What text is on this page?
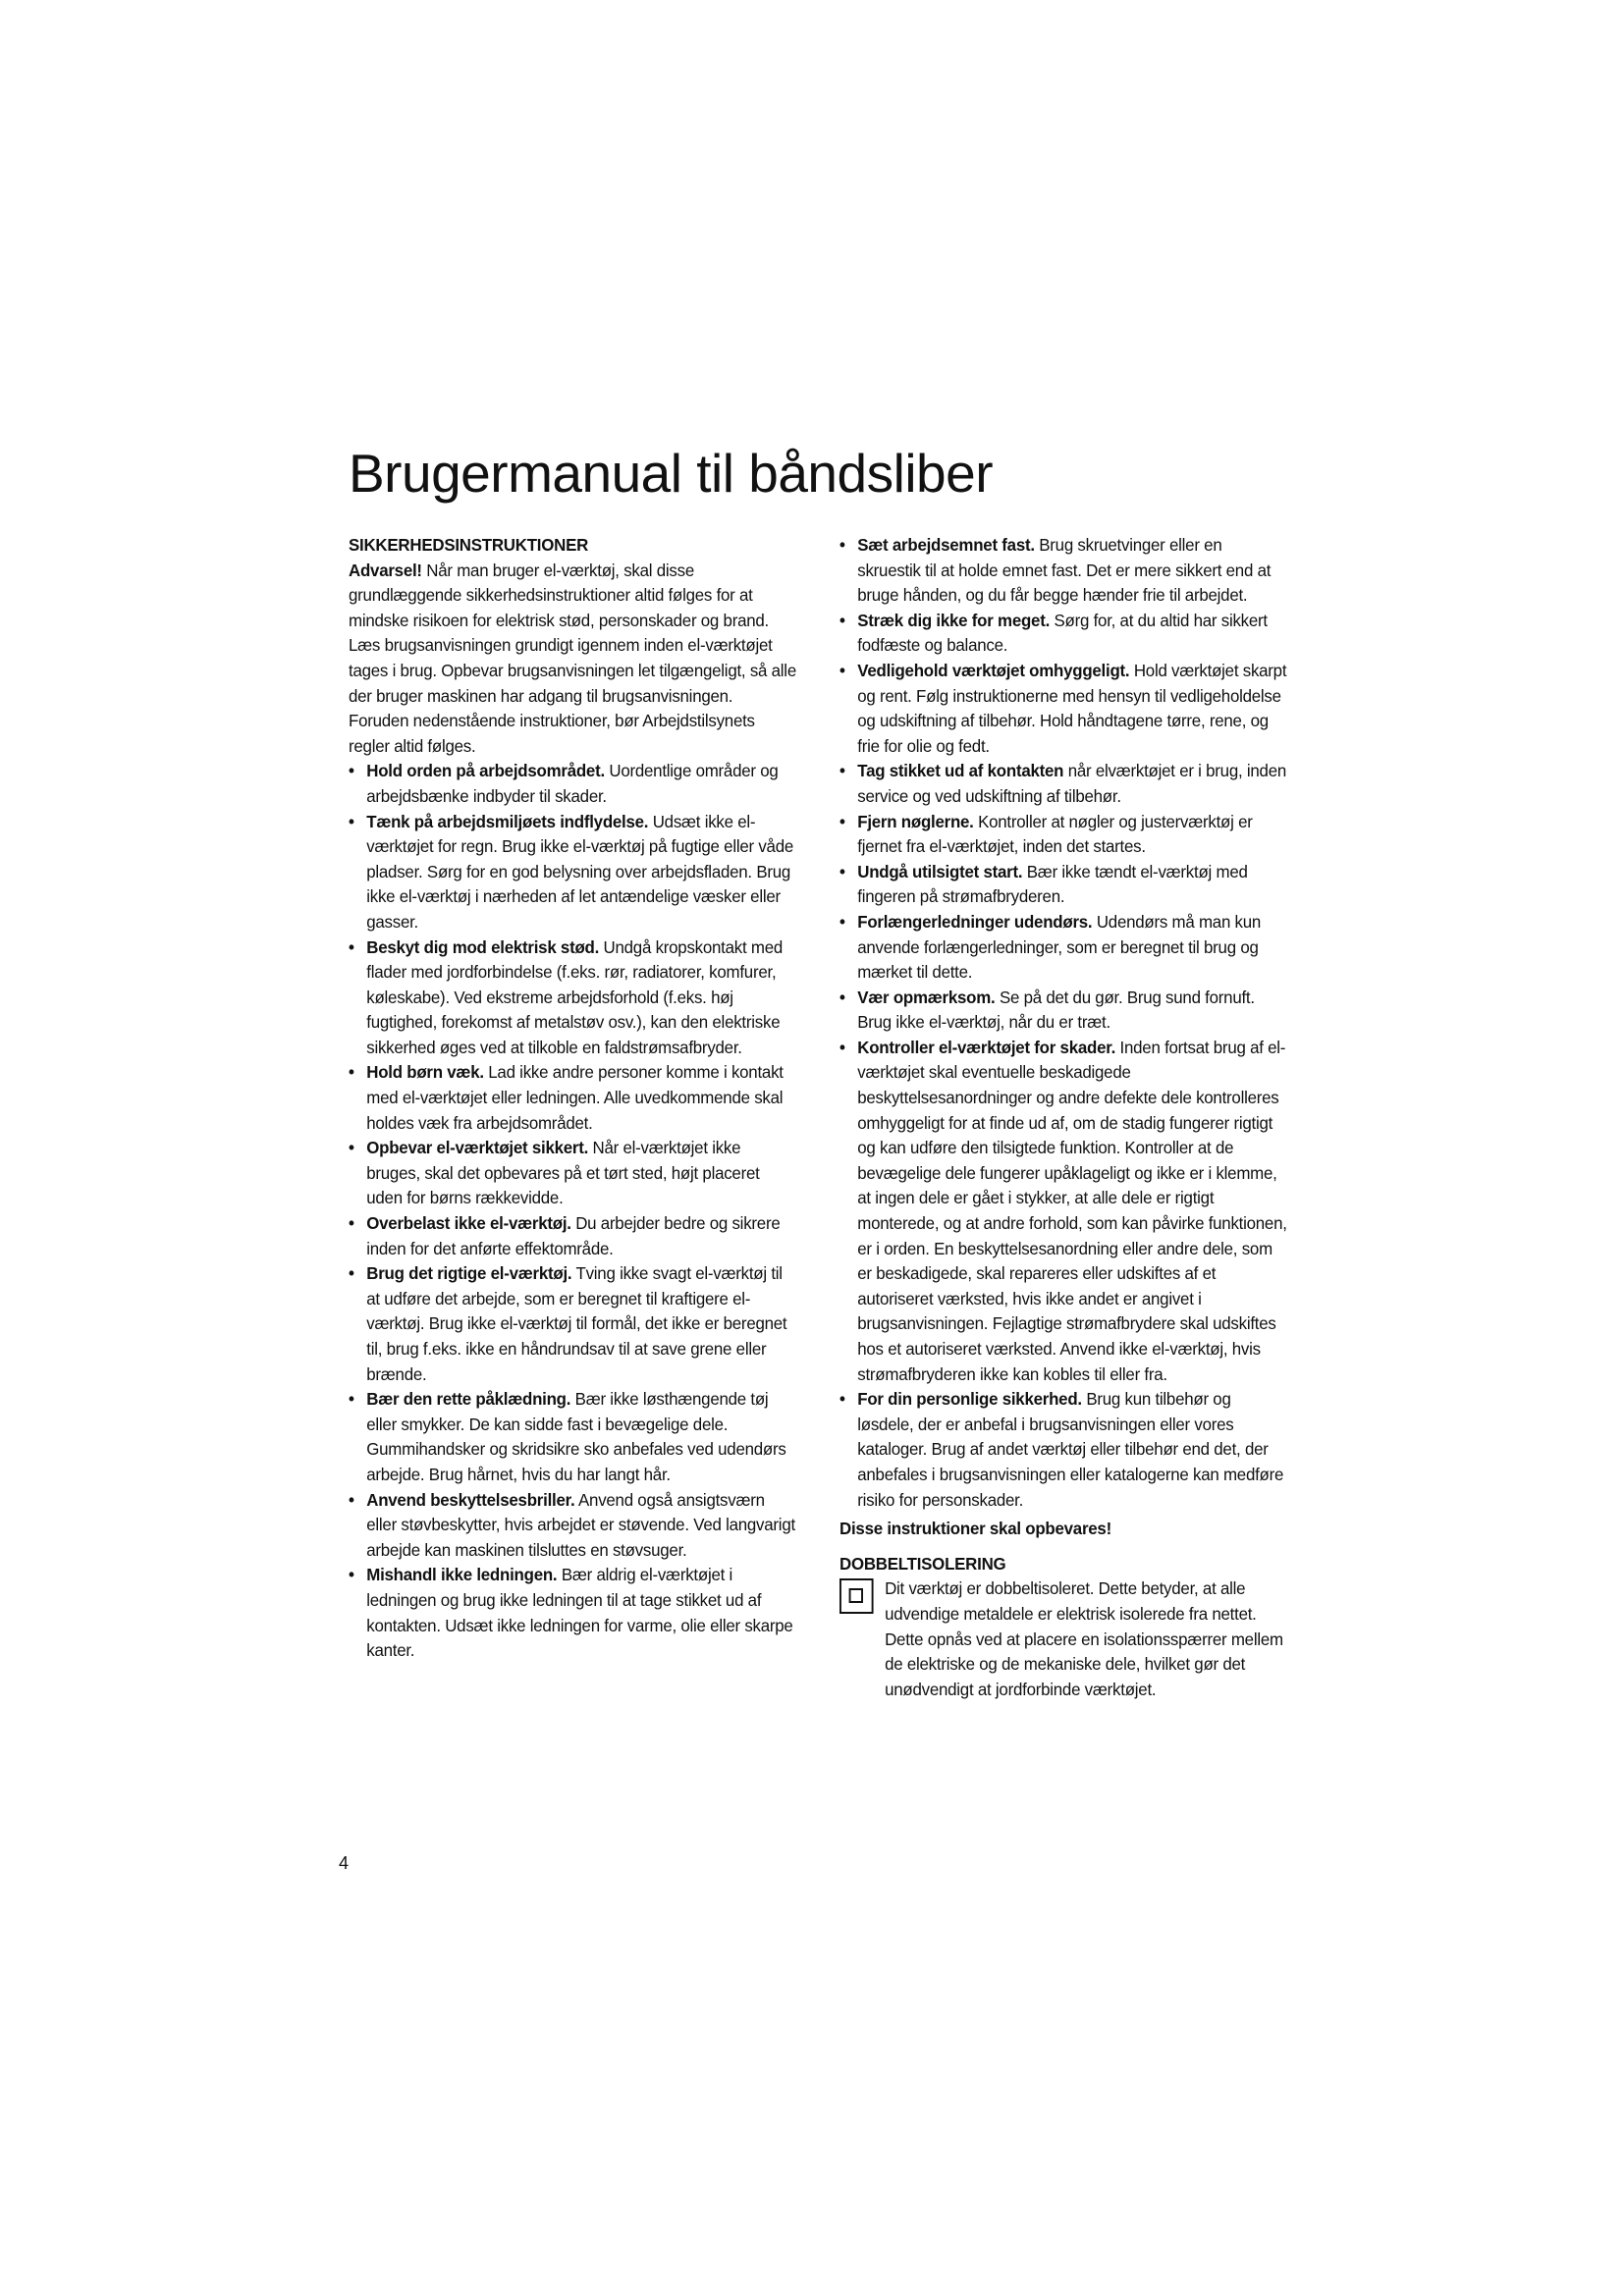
Brugermanual til båndsliber

SIKKERHEDSINSTRUKTIONER

Advarsel! Når man bruger el-værktøj, skal disse grundlæggende sikkerhedsinstruktioner altid følges for at mindske risikoen for elektrisk stød, personskader og brand. Læs brugsanvisningen grundigt igennem inden el-værktøjet tages i brug. Opbevar brugsanvisningen let tilgængeligt, så alle der bruger maskinen har adgang til brugsanvisningen. Foruden nedenstående instruktioner, bør Arbejdstilsynets regler altid følges.

• Hold orden på arbejdsområdet. Uordentlige områder og arbejdsbænke indbyder til skader.
• Tænk på arbejdsmiljøets indflydelse. Udsæt ikke el-værktøjet for regn. Brug ikke el-værktøj på fugtige eller våde pladser. Sørg for en god belysning over arbejdsfladen. Brug ikke el-værktøj i nærheden af let antændelige væsker eller gasser.
• Beskyt dig mod elektrisk stød. Undgå kropskontakt med flader med jordforbindelse (f.eks. rør, radiatorer, komfurer, køleskabe). Ved ekstreme arbejdsforhold (f.eks. høj fugtighed, forekomst af metalstøv osv.), kan den elektriske sikkerhed øges ved at tilkoble en faldstrømsafbryder.
• Hold børn væk. Lad ikke andre personer komme i kontakt med el-værktøjet eller ledningen. Alle uvedkommende skal holdes væk fra arbejdsområdet.
• Opbevar el-værktøjet sikkert. Når el-værktøjet ikke bruges, skal det opbevares på et tørt sted, højt placeret uden for børns rækkevidde.
• Overbelast ikke el-værktøj. Du arbejder bedre og sikrere inden for det anførte effektområde.
• Brug det rigtige el-værktøj. Tving ikke svagt el-værktøj til at udføre det arbejde, som er beregnet til kraftigere el-værktøj. Brug ikke el-værktøj til formål, det ikke er beregnet til, brug f.eks. ikke en håndrundsav til at save grene eller brænde.
• Bær den rette påklædning. Bær ikke løsthængende tøj eller smykker. De kan sidde fast i bevægelige dele. Gummihandsker og skridsikre sko anbefales ved udendørs arbejde. Brug hårnet, hvis du har langt hår.
• Anvend beskyttelsesbriller. Anvend også ansigtsværn eller støvbeskytter, hvis arbejdet er støvende. Ved langvarigt arbejde kan maskinen tilsluttes en støvsuger.
• Mishandl ikke ledningen. Bær aldrig el-værktøjet i ledningen og brug ikke ledningen til at tage stikket ud af kontakten. Udsæt ikke ledningen for varme, olie eller skarpe kanter.
• Sæt arbejdsemnet fast. Brug skruetvinger eller en skruestik til at holde emnet fast. Det er mere sikkert end at bruge hånden, og du får begge hænder frie til arbejdet.
• Stræk dig ikke for meget. Sørg for, at du altid har sikkert fodfæste og balance.
• Vedligehold værktøjet omhyggeligt. Hold værktøjet skarpt og rent. Følg instruktionerne med hensyn til vedligeholdelse og udskiftning af tilbehør. Hold håndtagene tørre, rene, og frie for olie og fedt.
• Tag stikket ud af kontakten når elværktøjet er i brug, inden service og ved udskiftning af tilbehør.
• Fjern nøglerne. Kontroller at nøgler og justerværktøj er fjernet fra el-værktøjet, inden det startes.
• Undgå utilsigtet start. Bær ikke tændt el-værktøj med fingeren på strømafbryderen.
• Forlængerledninger udendørs. Udendørs må man kun anvende forlængerledninger, som er beregnet til brug og mærket til dette.
• Vær opmærksom. Se på det du gør. Brug sund fornuft. Brug ikke el-værktøj, når du er træt.
• Kontroller el-værktøjet for skader. Inden fortsat brug af el-værktøjet skal eventuelle beskadigede beskyttelsesanordninger og andre defekte dele kontrolleres omhyggeligt for at finde ud af, om de stadig fungerer rigtigt og kan udføre den tilsigtede funktion. Kontroller at de bevægelige dele fungerer upåklageligt og ikke er i klemme, at ingen dele er gået i stykker, at alle dele er rigtigt monterede, og at andre forhold, som kan påvirke funktionen, er i orden. En beskyttelsesanordning eller andre dele, som er beskadigede, skal repareres eller udskiftes af et autoriseret værksted, hvis ikke andet er angivet i brugsanvisningen. Fejlagtige strømafbrydere skal udskiftes hos et autoriseret værksted. Anvend ikke el-værktøj, hvis strømafbryderen ikke kan kobles til eller fra.
• For din personlige sikkerhed. Brug kun tilbehør og løsdele, der er anbefal i brugsanvisningen eller vores kataloger. Brug af andet værktøj eller tilbehør end det, der anbefales i brugsanvisningen eller katalogerne kan medføre risiko for personskader.

Disse instruktioner skal opbevares!

DOBBELTISOLERING

Dit værktøj er dobbeltisoleret. Dette betyder, at alle udvendige metaldele er elektrisk isolerede fra nettet. Dette opnås ved at placere en isolationsspærrer mellem de elektriske og de mekaniske dele, hvilket gør det unødvendigt at jordforbinde værktøjet.
4
